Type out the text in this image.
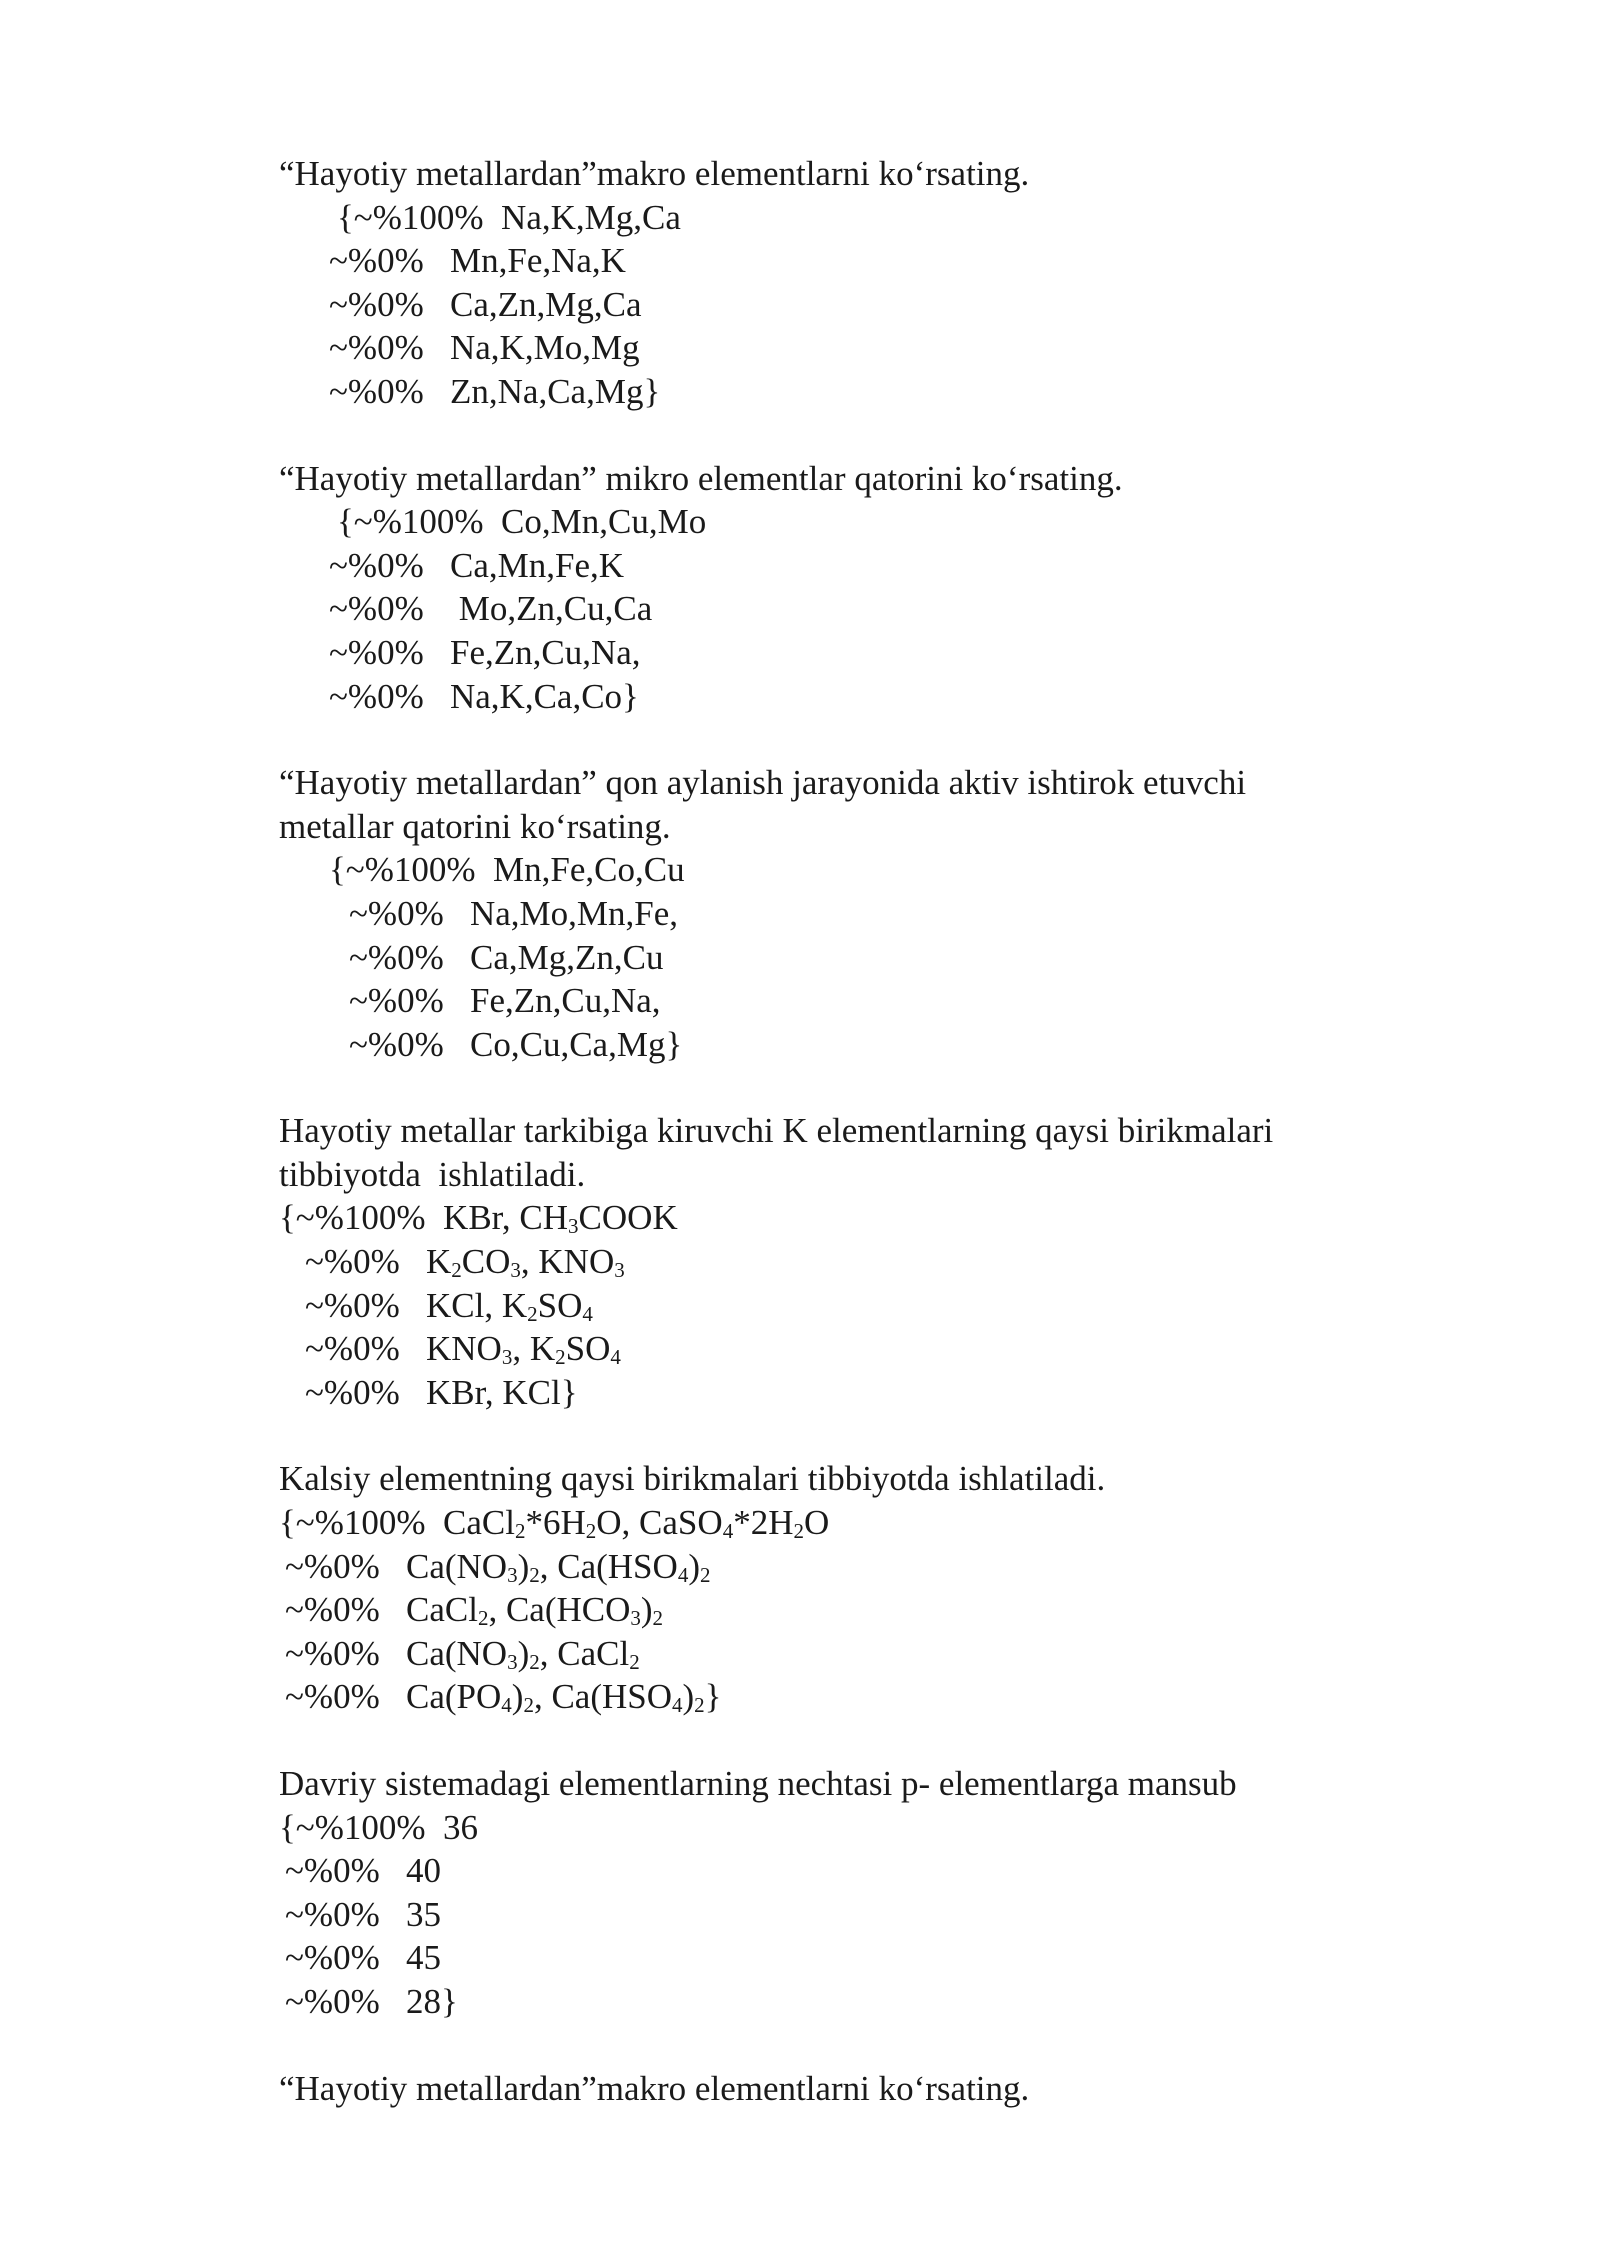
“Hayotiy metallardan”makro elementlarni ko‘rsating.
{~%100%  Na,K,Mg,Ca
~%0%   Mn,Fe,Na,K
~%0%   Ca,Zn,Mg,Ca
~%0%   Na,K,Mo,Mg
~%0%   Zn,Na,Ca,Mg}
“Hayotiy metallardan” mikro elementlar qatorini ko‘rsating.
{~%100%  Co,Mn,Cu,Mo
~%0%   Ca,Mn,Fe,K
~%0%    Mo,Zn,Cu,Ca
~%0%   Fe,Zn,Cu,Na,
~%0%   Na,K,Ca,Co}
“Hayotiy metallardan” qon aylanish jarayonida aktiv ishtirok etuvchi
metallar qatorini ko‘rsating.
{~%100%  Mn,Fe,Co,Cu
~%0%   Na,Mo,Mn,Fe,
~%0%   Ca,Mg,Zn,Cu
~%0%   Fe,Zn,Cu,Na,
~%0%   Co,Cu,Ca,Mg}
Hayotiy metallar tarkibiga kiruvchi K elementlarning qaysi birikmalari
tibbiyotda  ishlatiladi.
{~%100%  KBr, $CH_3COOK$
~%0%   $K_2CO_3$, $KNO_3$
~%0%   KCl, $K_2SO_4$
~%0%   $KNO_3$, $K_2SO_4$
~%0%   KBr, KCl}
Kalsiy elementning qaysi birikmalari tibbiyotda ishlatiladi.
{~%100%  $CaCl_2*6H_2O$, $CaSO_4*2H_2O$
~%0%   $Ca(NO_3)_2$, $Ca(HSO_4)_2$
~%0%   CaCl$_2$, $Ca(HCO_3)_2$
~%0%   $Ca(NO_3)_2$, CaCl$_2$
~%0%   $Ca(PO_4)_2$, $Ca(HSO_4)_2$}
Davriy sistemadagi elementlarning nechtasi p- elementlarga mansub
{~%100%  36
~%0%   40
~%0%   35
~%0%   45
~%0%   28}
“Hayotiy metallardan”makro elementlarni ko‘rsating.
